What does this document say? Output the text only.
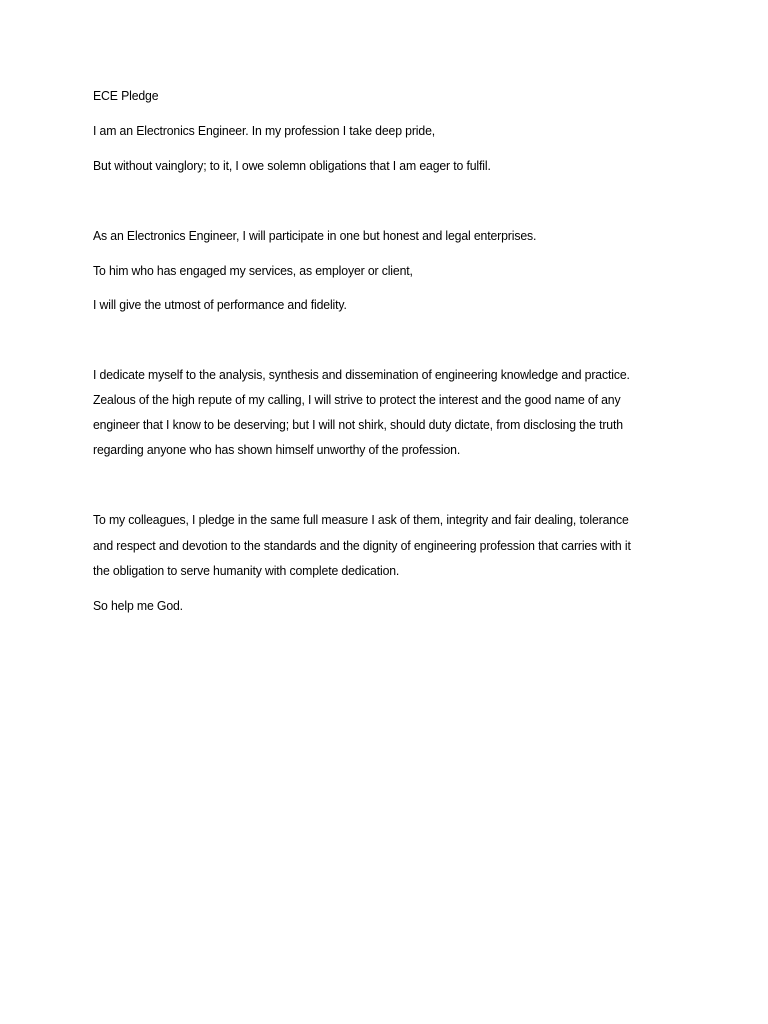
ECE Pledge
I am an Electronics Engineer. In my profession I take deep pride,
But without vainglory; to it, I owe solemn obligations that I am eager to fulfil.
As an Electronics Engineer, I will participate in one but honest and legal enterprises.
To him who has engaged my services, as employer or client,
I will give the utmost of performance and fidelity.
I dedicate myself to the analysis, synthesis and dissemination of engineering knowledge and practice.
Zealous of the high repute of my calling, I will strive to protect the interest and the good name of any
engineer that I know to be deserving; but I will not shirk, should duty dictate, from disclosing the truth
regarding anyone who has shown himself unworthy of the profession.
To my colleagues, I pledge in the same full measure I ask of them, integrity and fair dealing, tolerance
and respect and devotion to the standards and the dignity of engineering profession that carries with it
the obligation to serve humanity with complete dedication.
So help me God.
